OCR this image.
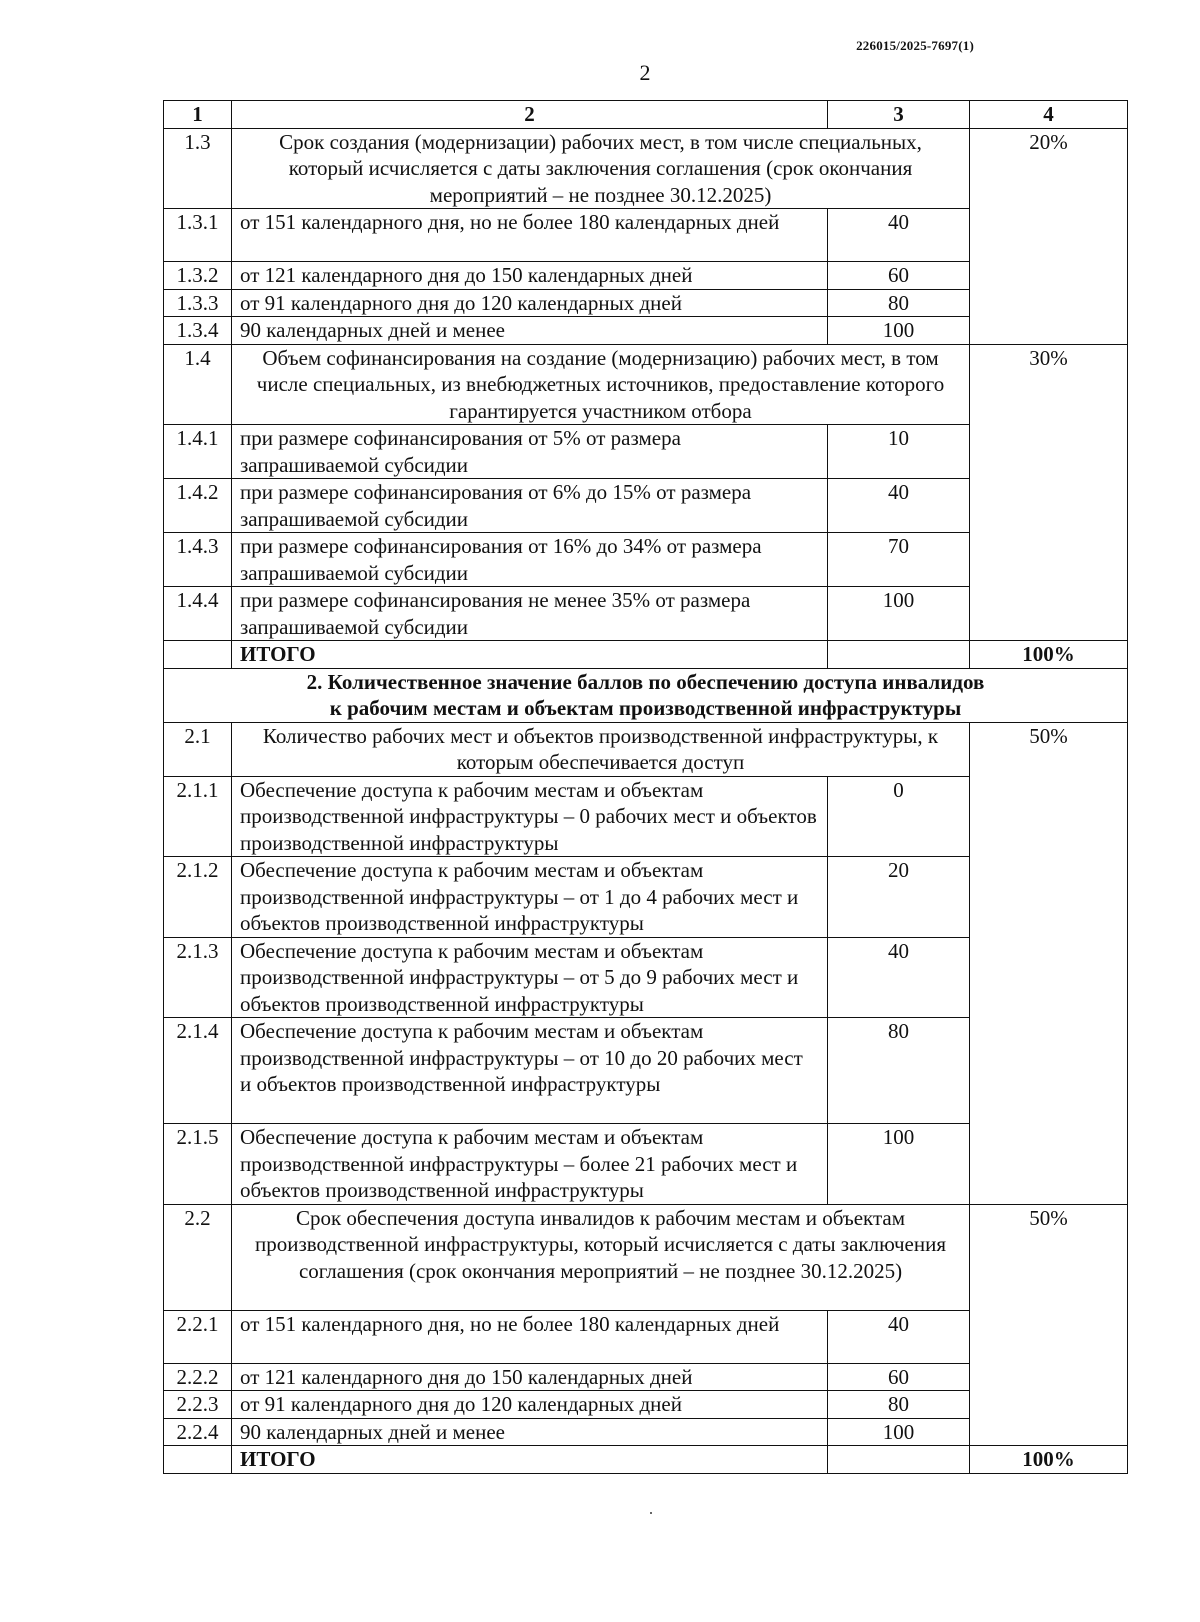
226015/2025-7697(1)
2
1	2	3	4
1.3	Срок создания (модернизации) рабочих мест, в том числе специальных, который исчисляется с даты заключения соглашения (срок окончания мероприятий – не позднее 30.12.2025)		20%
1.3.1	от 151 календарного дня, но не более 180 календарных дней	40	
1.3.2	от 121 календарного дня до 150 календарных дней	60	
1.3.3	от 91 календарного дня до 120 календарных дней	80	
1.3.4	90 календарных дней и менее	100	
1.4	Объем софинансирования на создание (модернизацию) рабочих мест, в том числе специальных, из внебюджетных источников, предоставление которого гарантируется участником отбора		30%
1.4.1	при размере софинансирования от 5% от размера запрашиваемой субсидии	10	
1.4.2	при размере софинансирования от 6% до 15% от размера запрашиваемой субсидии	40	
1.4.3	при размере софинансирования от 16% до 34% от размера запрашиваемой субсидии	70	
1.4.4	при размере софинансирования не менее 35% от размера запрашиваемой субсидии	100	
	ИТОГО		100%

2. Количественное значение баллов по обеспечению доступа инвалидов
к рабочим местам и объектам производственной инфраструктуры			

2.1	Количество рабочих мест и объектов производственной инфраструктуры, к которым обеспечивается доступ		50%
2.1.1	Обеспечение доступа к рабочим местам и объектам производственной инфраструктуры – 0 рабочих мест и объектов производственной инфраструктуры	0	
2.1.2	Обеспечение доступа к рабочим местам и объектам производственной инфраструктуры – от 1 до 4 рабочих мест и объектов производственной инфраструктуры	20	
2.1.3	Обеспечение доступа к рабочим местам и объектам производственной инфраструктуры – от 5 до 9 рабочих мест и объектов производственной инфраструктуры	40	
2.1.4	Обеспечение доступа к рабочим местам и объектам производственной инфраструктуры – от 10 до 20 рабочих мест и объектов производственной инфраструктуры	80	
2.1.5	Обеспечение доступа к рабочим местам и объектам производственной инфраструктуры – более 21 рабочих мест и объектов производственной инфраструктуры	100	
2.2	Срок обеспечения доступа инвалидов к рабочим местам и объектам производственной инфраструктуры, который исчисляется с даты заключения соглашения (срок окончания мероприятий – не позднее 30.12.2025)		50%
2.2.1	от 151 календарного дня, но не более 180 календарных дней	40	
2.2.2	от 121 календарного дня до 150 календарных дней	60	
2.2.3	от 91 календарного дня до 120 календарных дней	80	
2.2.4	90 календарных дней и менее	100	
	ИТОГО		100%
